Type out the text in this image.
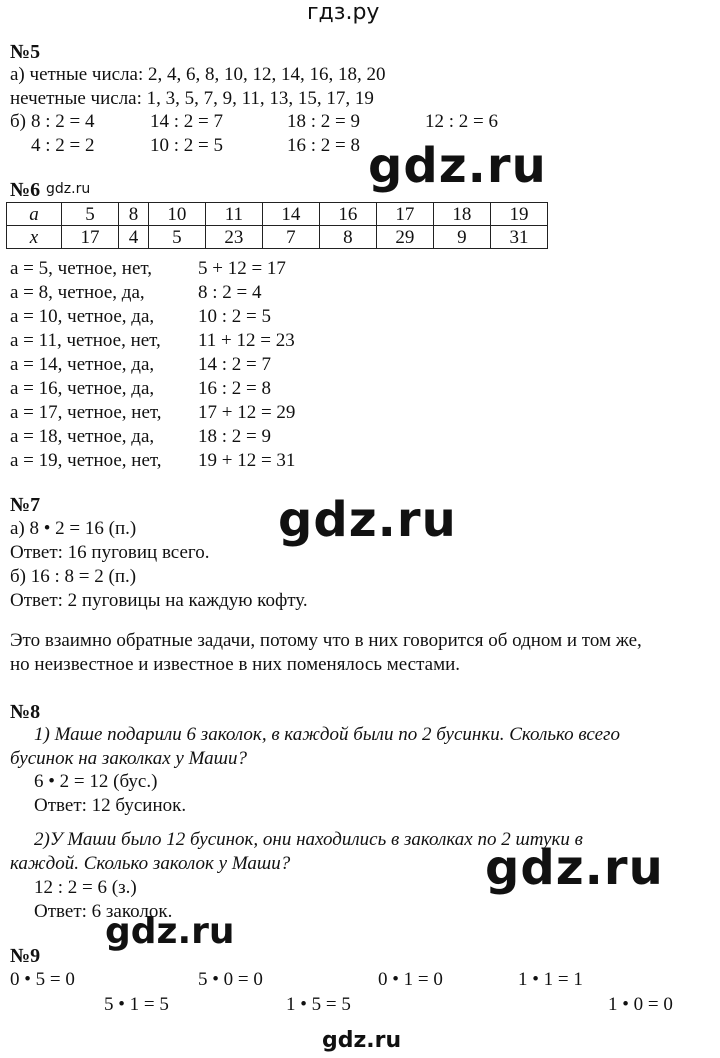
гдз.ру
№5
а) четные числа: 2, 4, 6, 8, 10, 12, 14, 16, 18, 20
нечетные числа: 1, 3, 5, 7, 9, 11, 13, 15, 17, 19
б) 8 : 2 = 4	14 : 2 = 7	18 : 2 = 9	12 : 2 = 6
4 : 2 = 2	10 : 2 = 5	16 : 2 = 8 gdz.ru
№6 gdz.ru
a	5	8	10	11	14	16	17	18	19
x	17	4	5	23	7	8	29	9	31
а = 5, четное, нет, 5 + 12 = 17
а = 8, четное, да,	8 : 2 = 4
а = 10, четное, да, 10 : 2 = 5
а = 11, четное, нет, 11 + 12 = 23
а = 14, четное, да, 14 : 2 = 7
а = 16, четное, да, 16 : 2 = 8
а = 17, четное, нет, 17 + 12 = 29
а = 18, четное, да, 18 : 2 = 9
а = 19, четное, нет, 19 + 12 = 31
№7
а) 8 • 2 = 16 (п.)
Ответ: 16 пуговиц всего.
б) 16 : 8 = 2 (п.)
Ответ: 2 пуговицы на каждую кофту.
gdz.ru
Это взаимно обратные задачи, потому что в них говорится об одном и том же,
но неизвестное и известное в них поменялось местами.
№8
1) Маше подарили 6 заколок, в каждой были по 2 бусинки. Сколько всего
бусинок на заколках у Маши?
6 • 2 = 12 (бус.)
Ответ: 12 бусинок.
2)У Маши было 12 бусинок, они находились в заколках по 2 штуки в
каждой. Сколько заколок у Маши?
12 : 2 = 6 (з.)
Ответ: 6 заколок.
gdz.ru
gdz.ru
№9
0 • 5 = 0	5 • 0 = 0	0 • 1 = 0	1 • 1 = 1
5 • 1 = 5	1 • 5 = 5	1 • 0 = 0
gdz.ru
